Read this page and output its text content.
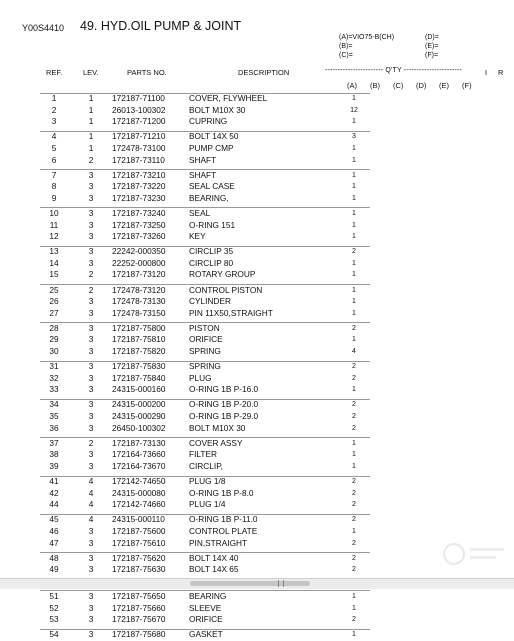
Y00S4410 49. HYD.OIL PUMP & JOINT
(A)=VIO75-B(CH)
(B)=
(C)=
(D)=
(E)=
(F)=
REF.	LEV.	PARTS NO.	DESCRIPTION	----------------------- Q'TY -----------------------	I R
(A) (B) (C) (D) (E) (F)
1	1	172187-71100	COVER, FLYWHEEL	1
2	1	26013-100302	BOLT M10X 30	12
3	1	172187-71200	CUPRING	1
4	1	172187-71210	BOLT 14X 50	3
5	1	172478-73100	PUMP CMP	1
6	2	172187-73110	SHAFT	1
7	3	172187-73210	SHAFT	1
8	3	172187-73220	SEAL CASE	1
9	3	172187-73230	BEARING,	1
10	3	172187-73240	SEAL	1
11	3	172187-73250	O-RING 151	1
12	3	172187-73260	KEY	1
13	3	22242-000350	CIRCLIP 35	2
14	3	22252-000800	CIRCLIP 80	1
15	2	172187-73120	ROTARY GROUP	1
25	2	172478-73120	CONTROL PISTON	1
26	3	172478-73130	CYLINDER	1
27	3	172478-73150	PIN 11X50,STRAIGHT	1
28	3	172187-75800	PISTON	2
29	3	172187-75810	ORIFICE	1
30	3	172187-75820	SPRING	4
31	3	172187-75830	SPRING	2
32	3	172187-75840	PLUG	2
33	3	24315-000160	O-RING 1B P-16.0	1
34	3	24315-000200	O-RING 1B P-20.0	2
35	3	24315-000290	O-RING 1B P-29.0	2
36	3	26450-100302	BOLT M10X 30	2
37	2	172187-73130	COVER ASSY	1
38	3	172164-73660	FILTER	1
39	3	172164-73670	CIRCLIP,	1
41	4	172142-74650	PLUG 1/8	2
42	4	24315-000080	O-RING 1B P-8.0	2
44	4	172142-74660	PLUG 1/4	2
45	4	24315-000110	O-RING 1B P-11.0	2
46	3	172187-75600	CONTROL PLATE	1
47	3	172187-75610	PIN,STRAIGHT	2
48	3	172187-75620	BOLT 14X 40	2
49	3	172187-75630	BOLT 14X 65	2
51	3	172187-75650	BEARING	1
52	3	172187-75660	SLEEVE	1
53	3	172187-75670	ORIFICE	2
54	3	172187-75680	GASKET	1
